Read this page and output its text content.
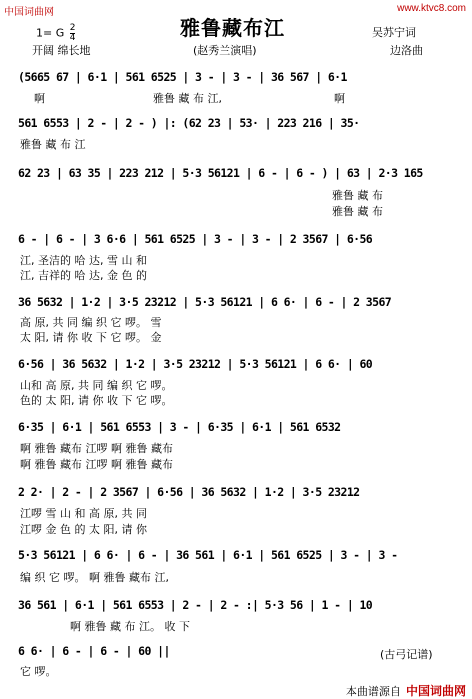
中国词曲网	www.ktvc8.com
1= G $\frac{2}{4}$
开阔 绵长地
雅鲁藏布江
(赵秀兰演唱)
吴苏宁词
边洛曲
(5665 67 | 6·1 | 561 6525 | 3 - | 3 - | 36 567 | 6·1
啊	雅鲁 藏 布 江,	啊
561 6553 | 2 - | 2 - ) |: (62 23 | 53· | 223 216 | 35·
雅鲁 藏 布 江
62 23 | 63 35 | 223 212 | 5·3 56121 | 6 - | 6 - ) | 63 | 2·3 165
雅鲁 藏 布
雅鲁 藏 布
6 - | 6 - | 3 6·6 | 561 6525 | 3 - | 3 - | 2 3567 | 6·56
江, 圣洁的 哈 达, 雪 山 和
江, 吉祥的 哈 达, 金 色 的
36 5632 | 1·2 | 3·5 23212 | 5·3 56121 | 6 6· | 6 - | 2 3567
高 原, 共 同 编 织 它 啰。 雪
太 阳, 请 你 收 下 它 啰。 金
6·56 | 36 5632 | 1·2 | 3·5 23212 | 5·3 56121 | 6 6· | 60
山和 高 原, 共 同 编 织 它 啰。
色的 太 阳, 请 你 收 下 它 啰。
6·35 | 6·1 | 561 6553 | 3 - | 6·35 | 6·1 | 561 6532
啊 雅鲁 藏布 江啰 啊 雅鲁 藏布
啊 雅鲁 藏布 江啰 啊 雅鲁 藏布
2 2· | 2 - | 2 3567 | 6·56 | 36 5632 | 1·2 | 3·5 23212
江啰 雪 山 和 高 原, 共 同
江啰 金 色 的 太 阳, 请 你
5·3 56121 | 6 6· | 6 - | 36 561 | 6·1 | 561 6525 | 3 - | 3 -
编 织 它 啰。 啊 雅鲁 藏布 江,
36 561 | 6·1 | 561 6553 | 2 - | 2 - :| 5·3 56 | 1 - | 10
啊 雅鲁 藏 布 江。 收 下
6 6· | 6 - | 6 - | 60 ||
它 啰。
(古弓记谱)
本曲谱源自 中国词曲网
